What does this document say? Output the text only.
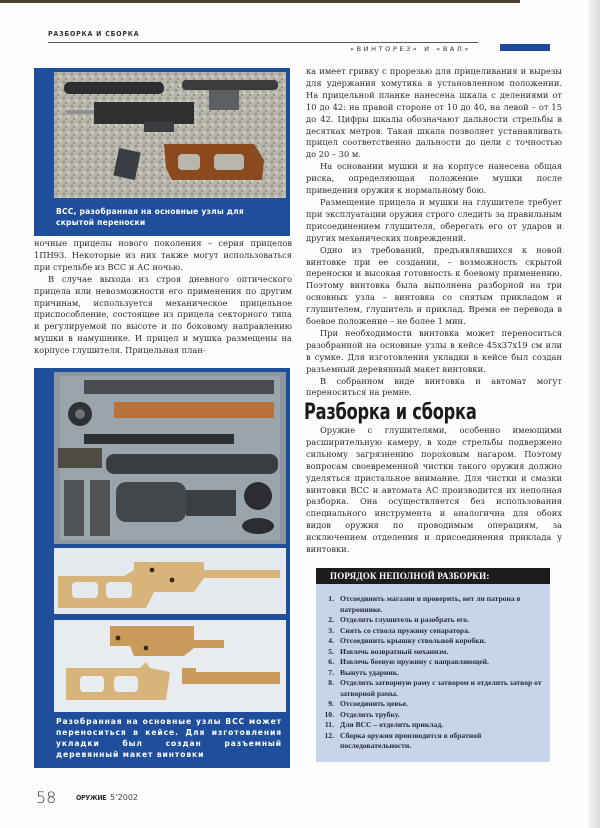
РАЗБОРКА И СБОРКА
«ВИНТОРЕЗ» И «ВАЛ»
ВСС, разобранная на основные узлы для скрытой переноски

ночные прицелы нового поколения – серия прицелов 1ПН93. Некоторые из них также могут использоваться при стрельбе из ВСС и АС ночью.

В случае выхода из строя дневного оптического прицела или невозможности его применения по другим причинам, используется механическое прицельное приспособление, состоящее из прицела секторного типа и регулируемой по высоте и по боковому направлению мушки в намушнике. И прицел и мушка размещены на корпусе глушителя. Прицельная план-

Разобранная на основные узлы ВСС может переноситься в кейсе. Для изготовления укладки был создан разъемный деревянный макет винтовки

ка имеет гривку с прорезью для прицеливания и вырезы для удержания хомутика в установленном положении. На прицельной планке нанесена шкала с делениями от 10 до 42: на правой стороне от 10 до 40, на левой – от 15 до 42. Цифры шкалы обозначают дальности стрельбы в десятках метров. Такая шкала позволяет устанавливать прицел соответственно дальности до цели с точностью до 20 – 30 м.

На основании мушки и на корпусе нанесена общая риска, определяющая положение мушки после приведения оружия к нормальному бою.

Размещение прицела и мушки на глушителе требует при эксплуатации оружия строго следить за правильным присоединением глушителя, оберегать его от ударов и других механических повреждений.

Одно из требований, предъявлявшихся к новой винтовке при ее создании, – возможность скрытой переноски и высокая готовность к боевому применению. Поэтому винтовка была выполнена разборной на три основных узла – винтовка со снятым прикладом и глушителем, глушитель и приклад. Время ее перевода в боевое положение – не более 1 мин.

При необходимости винтовка может переноситься разобранной на основные узлы в кейсе 45х37х19 см или в сумке. Для изготовления укладки в кейсе был создан разъемный деревянный макет винтовки.

В собранном виде винтовка и автомат могут переноситься на ремне.

Разборка и сборка

Оружие с глушителями, особенно имеющими расширительную камеру, в ходе стрельбы подвержено сильному загрязнению пороховым нагаром. Поэтому вопросам своевременной чистки такого оружия должно уделяться пристальное внимание. Для чистки и смазки винтовки ВСС и автомата АС производится их неполная разборка. Она осуществляется без использования специального инструмента и аналогична для обоих видов оружия по проводимым операциям, за исключением отделения и присоединения приклада у винтовки.

ПОРЯДОК НЕПОЛНОЙ РАЗБОРКИ:
1. Отсоединить магазин и проверить, нет ли патрона в патроннике.
2. Отделить глушитель и разобрать его.
3. Снять со ствола пружину сепаратора.
4. Отсоединить крышку ствольной коробки.
5. Извлечь возвратный механизм.
6. Извлечь боевую пружину с направляющей.
7. Вынуть ударник.
8. Отделить затворную раму с затвором и отделить затвор от затворной рамы.
9. Отсоединить цевье.
10. Отделить трубку.
11. Для ВСС – отделить приклад.
12. Сборка оружия производится в обратной последовательности.
58	ОРУЖИЕ 5’2002
